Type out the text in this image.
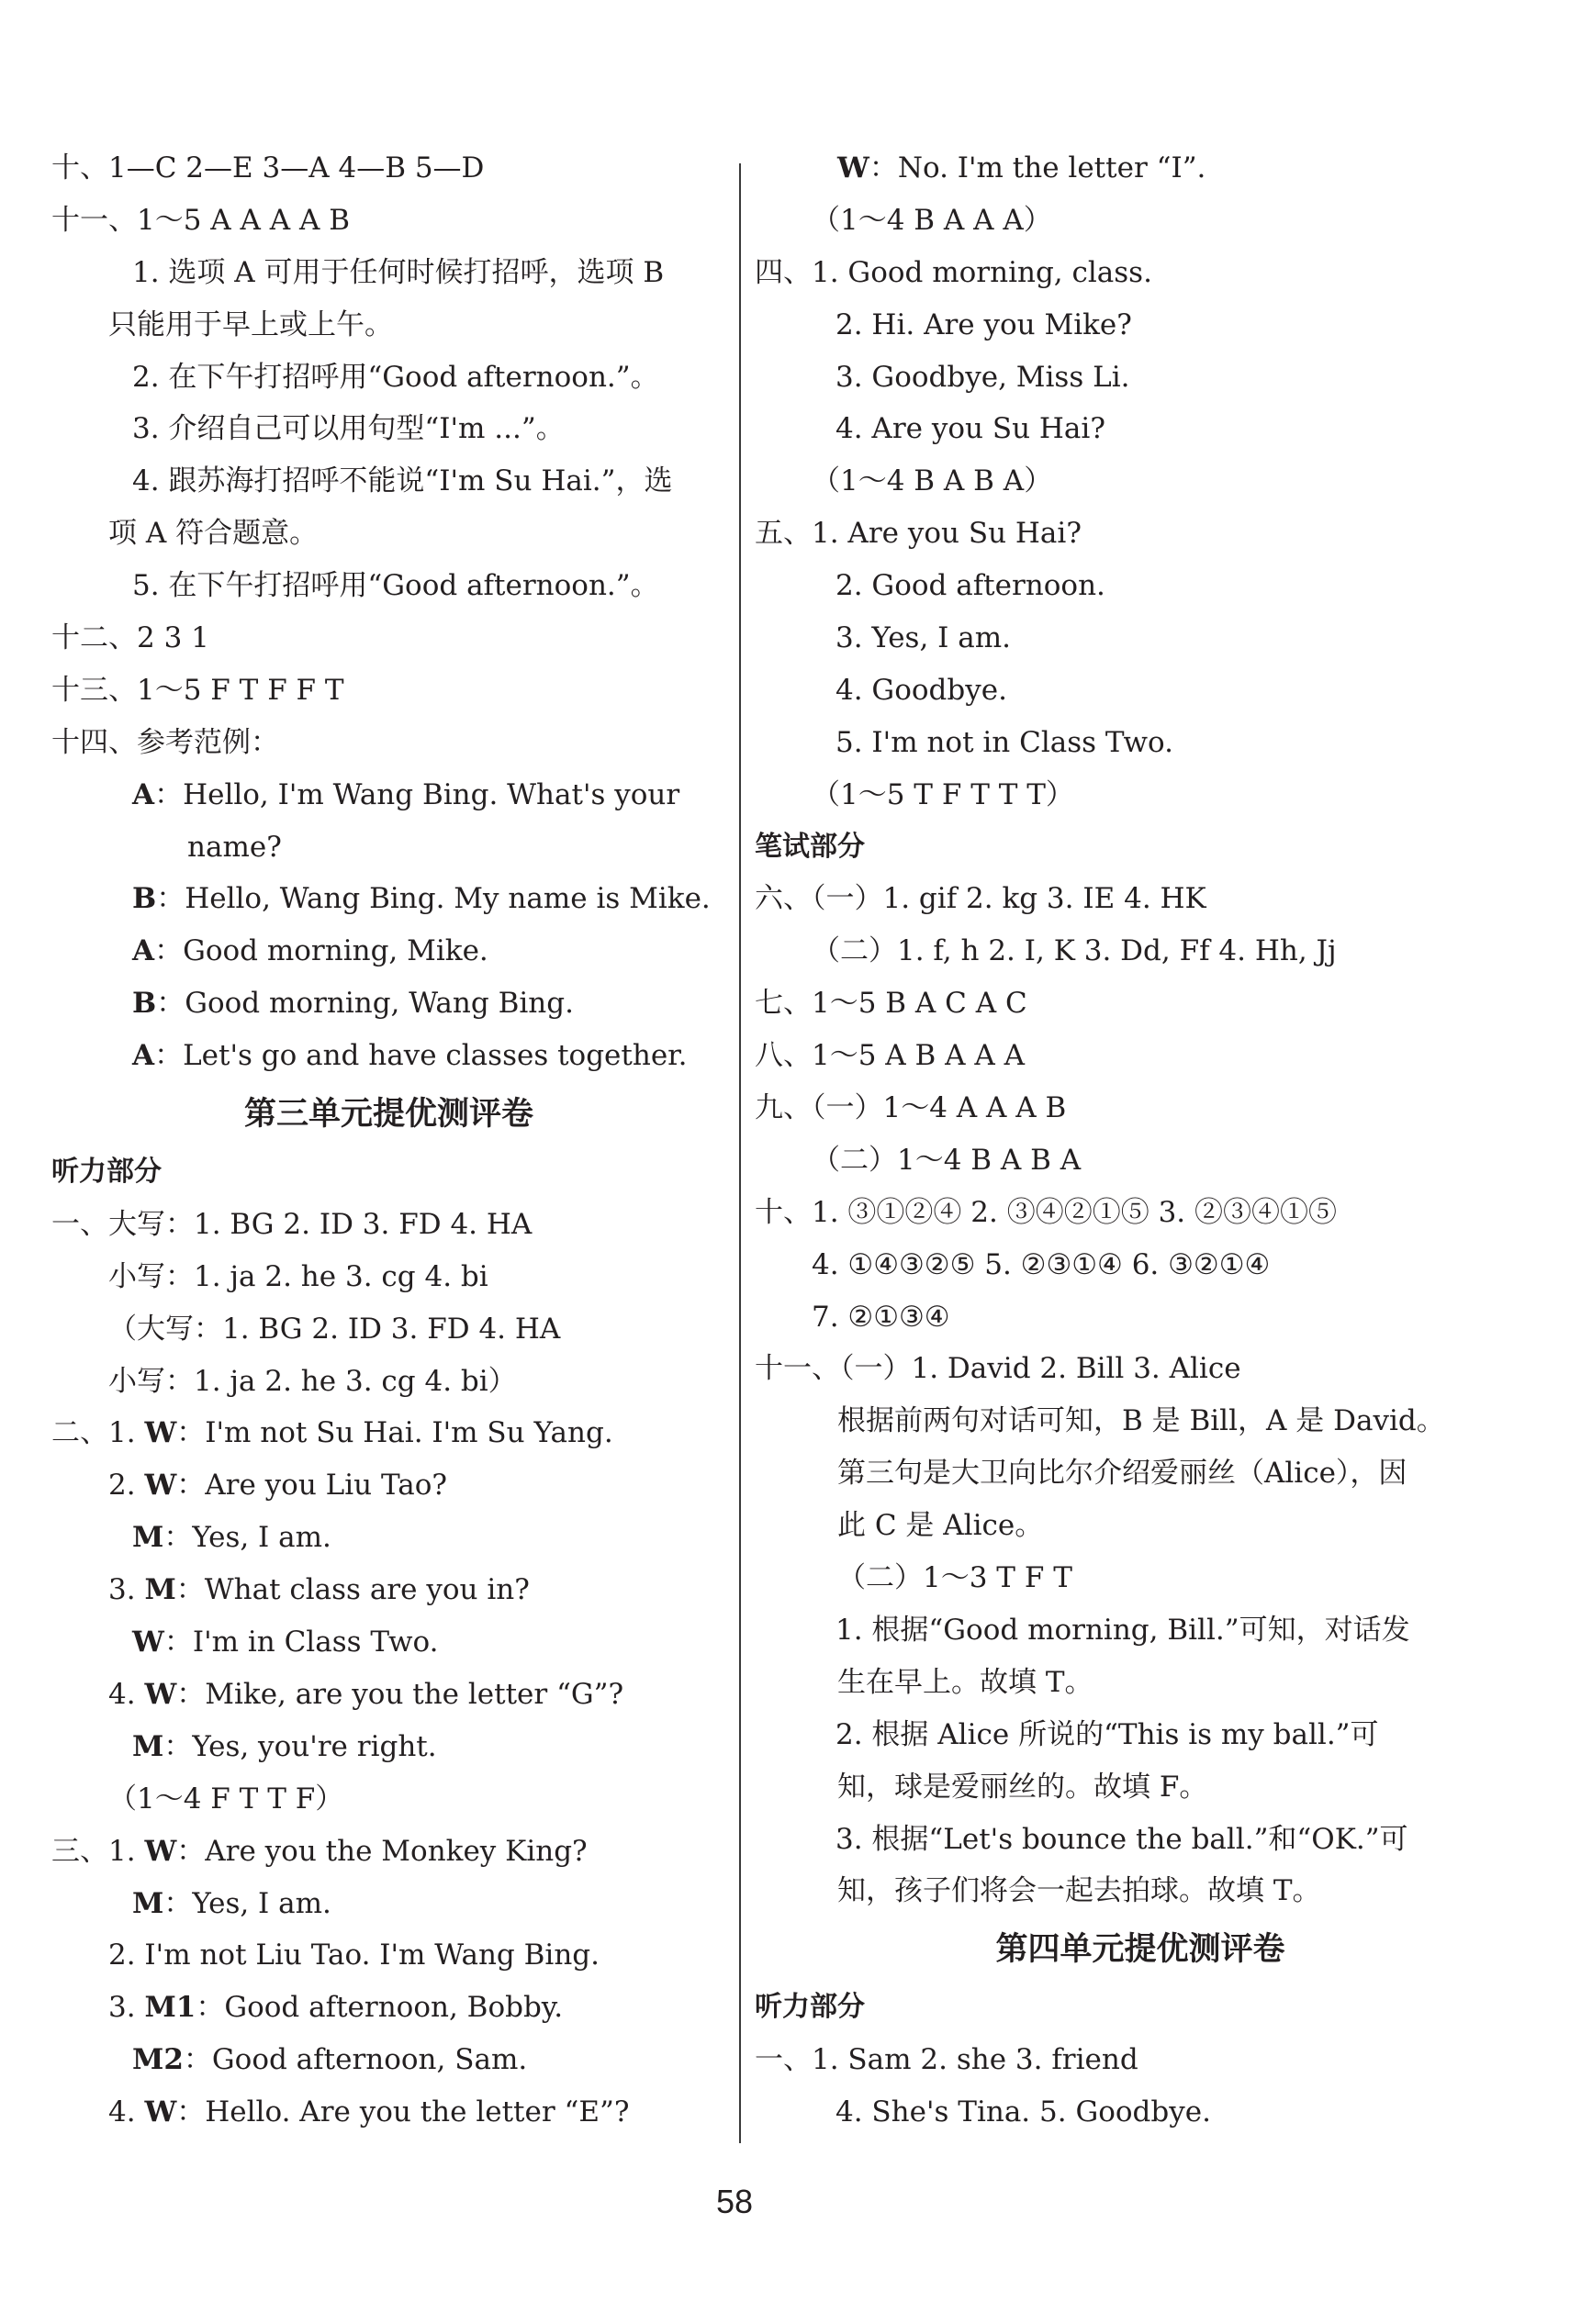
十、1—C 2—E 3—A 4—B 5—D
十一、1～5 A A A A B
1. 选项 A 可用于任何时候打招呼，选项 B
只能用于早上或上午。
2. 在下午打招呼用“Good afternoon.”。
3. 介绍自己可以用句型“I'm ...”。
4. 跟苏海打招呼不能说“I'm Su Hai.”，选
项 A 符合题意。
5. 在下午打招呼用“Good afternoon.”。
十二、2 3 1
十三、1～5 F T F F T
十四、参考范例：
A：Hello, I'm Wang Bing. What's your
name?
B：Hello, Wang Bing. My name is Mike.
A：Good morning, Mike.
B：Good morning, Wang Bing.
A：Let's go and have classes together.
第三单元提优测评卷
听力部分
一、大写：1. BG 2. ID 3. FD 4. HA
小写：1. ja 2. he 3. cg 4. bi
（大写：1. BG 2. ID 3. FD 4. HA
小写：1. ja 2. he 3. cg 4. bi）
二、1. W：I'm not Su Hai. I'm Su Yang.
2. W：Are you Liu Tao?
M：Yes, I am.
3. M：What class are you in?
W：I'm in Class Two.
4. W：Mike, are you the letter “G”?
M：Yes, you're right.
（1～4 F T T F）
三、1. W：Are you the Monkey King?
M：Yes, I am.
2. I'm not Liu Tao. I'm Wang Bing.
3. M1：Good afternoon, Bobby.
M2：Good afternoon, Sam.
4. W：Hello. Are you the letter “E”?
W：No. I'm the letter “I”.
（1～4 B A A A）
四、1. Good morning, class.
2. Hi. Are you Mike?
3. Goodbye, Miss Li.
4. Are you Su Hai?
（1～4 B A B A）
五、1. Are you Su Hai?
2. Good afternoon.
3. Yes, I am.
4. Goodbye.
5. I'm not in Class Two.
（1～5 T F T T T）
笔试部分
六、（一）1. gif 2. kg 3. IE 4. HK
（二）1. f, h 2. I, K 3. Dd, Ff 4. Hh, Jj
七、1～5 B A C A C
八、1～5 A B A A A
九、（一）1～4 A A A B
（二）1～4 B A B A
十、1. ③①②④ 2. ③④②①⑤ 3. ②③④①⑤
4. ①④③②⑤ 5. ②③①④ 6. ③②①④
7. ②①③④
十一、（一）1. David 2. Bill 3. Alice
根据前两句对话可知，B 是 Bill，A 是 David。
第三句是大卫向比尔介绍爱丽丝（Alice），因
此 C 是 Alice。
（二）1～3 T F T
1. 根据“Good morning, Bill.”可知，对话发
生在早上。故填 T。
2. 根据 Alice 所说的“This is my ball.”可
知，球是爱丽丝的。故填 F。
3. 根据“Let's bounce the ball.”和“OK.”可
知，孩子们将会一起去拍球。故填 T。
第四单元提优测评卷
听力部分
一、1. Sam 2. she 3. friend
4. She's Tina. 5. Goodbye.
58
